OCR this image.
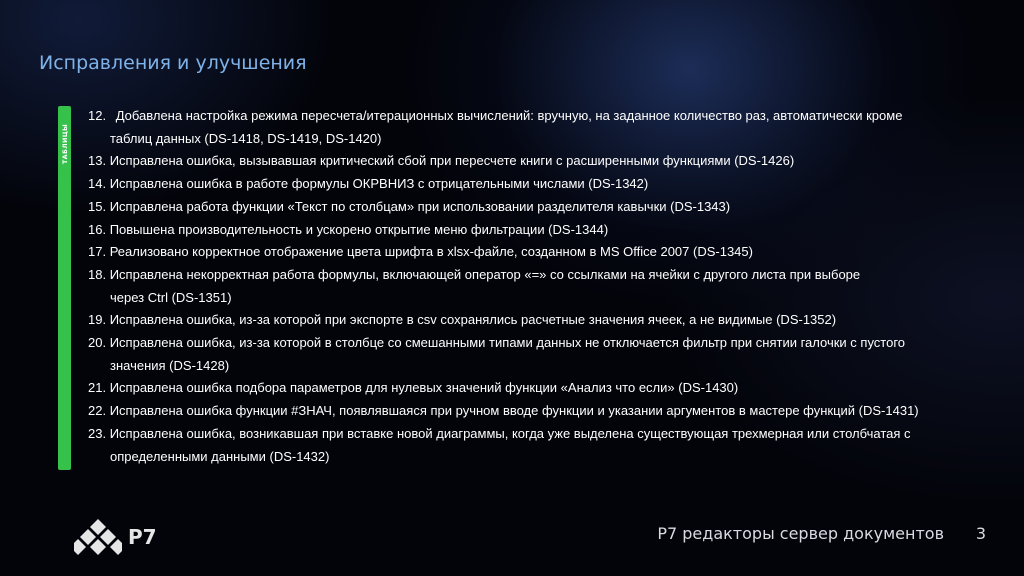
Исправления и улучшения
ТАБЛИЦЫ
12. Добавлена настройка режима пересчета/итерационных вычислений: вручную, на заданное количество раз, автоматически кроме
таблиц данных (DS-1418, DS-1419, DS-1420)
13. Исправлена ошибка, вызывавшая критический сбой при пересчете книги с расширенными функциями (DS-1426)
14. Исправлена ошибка в работе формулы ОКРВНИЗ с отрицательными числами (DS-1342)
15. Исправлена работа функции «Текст по столбцам» при использовании разделителя кавычки (DS-1343)
16. Повышена производительность и ускорено открытие меню фильтрации (DS-1344)
17. Реализовано корректное отображение цвета шрифта в xlsx-файле, созданном в MS Office 2007 (DS-1345)
18. Исправлена некорректная работа формулы, включающей оператор «=» со ссылками на ячейки с другого листа при выборе
через Ctrl (DS-1351)
19. Исправлена ошибка, из-за которой при экспорте в csv сохранялись расчетные значения ячеек, а не видимые (DS-1352)
20. Исправлена ошибка, из-за которой в столбце со смешанными типами данных не отключается фильтр при снятии галочки с пустого
значения (DS-1428)
21. Исправлена ошибка подбора параметров для нулевых значений функции «Анализ что если» (DS-1430)
22. Исправлена ошибка функции #ЗНАЧ, появлявшаяся при ручном вводе функции и указании аргументов в мастере функций (DS-1431)
23. Исправлена ошибка, возникавшая при вставке новой диаграммы, когда уже выделена существующая трехмерная или столбчатая с
определенными данными (DS-1432)
Р7	Р7 редакторы сервер документов 3
